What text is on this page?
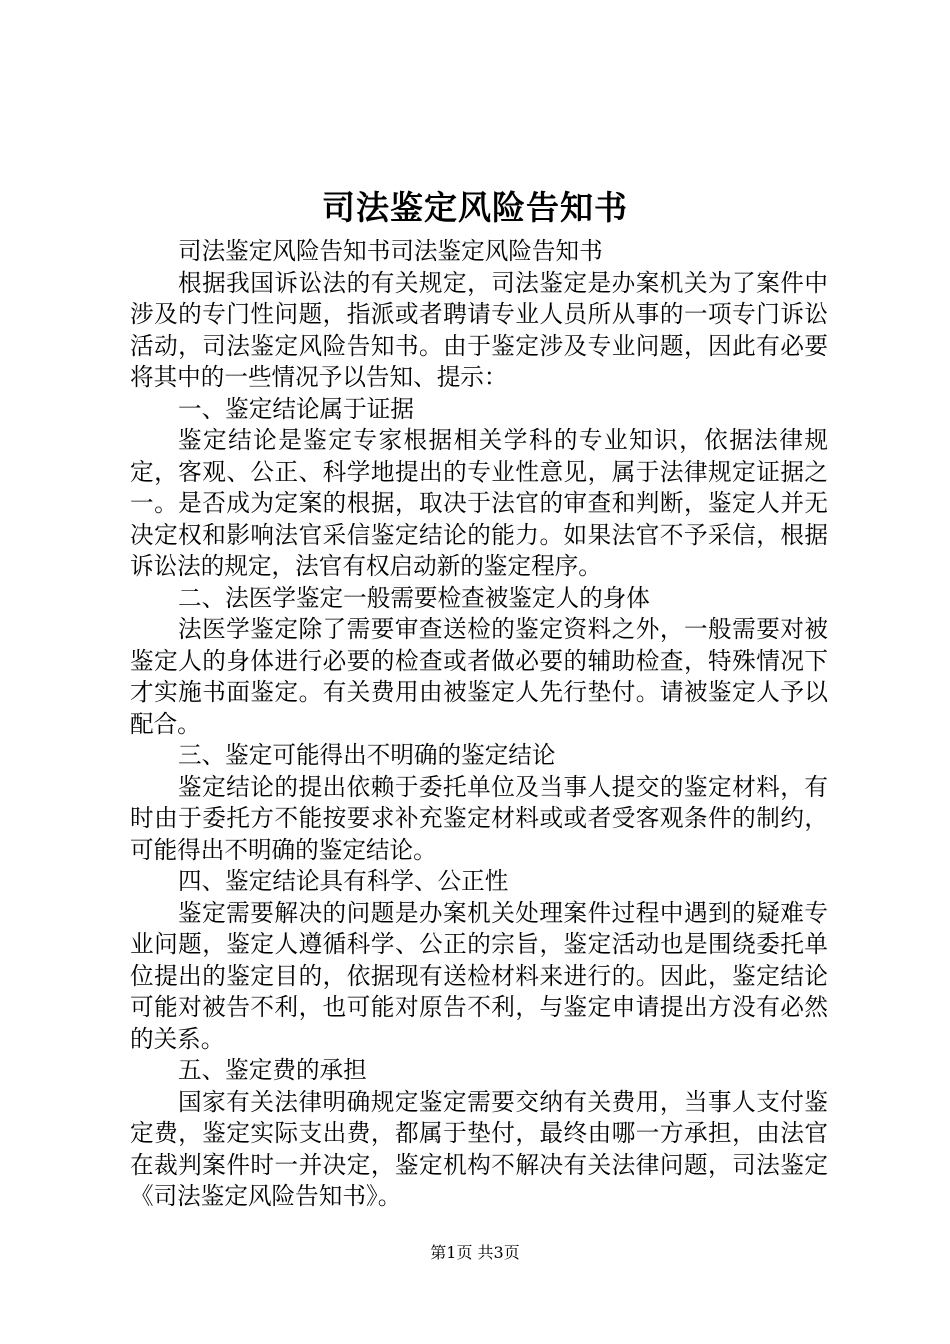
司法鉴定风险告知书

司法鉴定风险告知书司法鉴定风险告知书

根据我国诉讼法的有关规定，司法鉴定是办案机关为了案件中涉及的专门性问题，指派或者聘请专业人员所从事的一项专门诉讼活动，司法鉴定风险告知书。由于鉴定涉及专业问题，因此有必要将其中的一些情况予以告知、提示：

一、鉴定结论属于证据

鉴定结论是鉴定专家根据相关学科的专业知识，依据法律规定，客观、公正、科学地提出的专业性意见，属于法律规定证据之一。是否成为定案的根据，取决于法官的审查和判断，鉴定人并无决定权和影响法官采信鉴定结论的能力。如果法官不予采信，根据诉讼法的规定，法官有权启动新的鉴定程序。

二、法医学鉴定一般需要检查被鉴定人的身体

法医学鉴定除了需要审查送检的鉴定资料之外，一般需要对被鉴定人的身体进行必要的检查或者做必要的辅助检查，特殊情况下才实施书面鉴定。有关费用由被鉴定人先行垫付。请被鉴定人予以配合。

三、鉴定可能得出不明确的鉴定结论

鉴定结论的提出依赖于委托单位及当事人提交的鉴定材料，有时由于委托方不能按要求补充鉴定材料或或者受客观条件的制约，可能得出不明确的鉴定结论。

四、鉴定结论具有科学、公正性

鉴定需要解决的问题是办案机关处理案件过程中遇到的疑难专业问题，鉴定人遵循科学、公正的宗旨，鉴定活动也是围绕委托单位提出的鉴定目的，依据现有送检材料来进行的。因此，鉴定结论可能对被告不利，也可能对原告不利，与鉴定申请提出方没有必然的关系。

五、鉴定费的承担

国家有关法律明确规定鉴定需要交纳有关费用，当事人支付鉴定费，鉴定实际支出费，都属于垫付，最终由哪一方承担，由法官在裁判案件时一并决定，鉴定机构不解决有关法律问题，司法鉴定《司法鉴定风险告知书》。

第1页 共3页
